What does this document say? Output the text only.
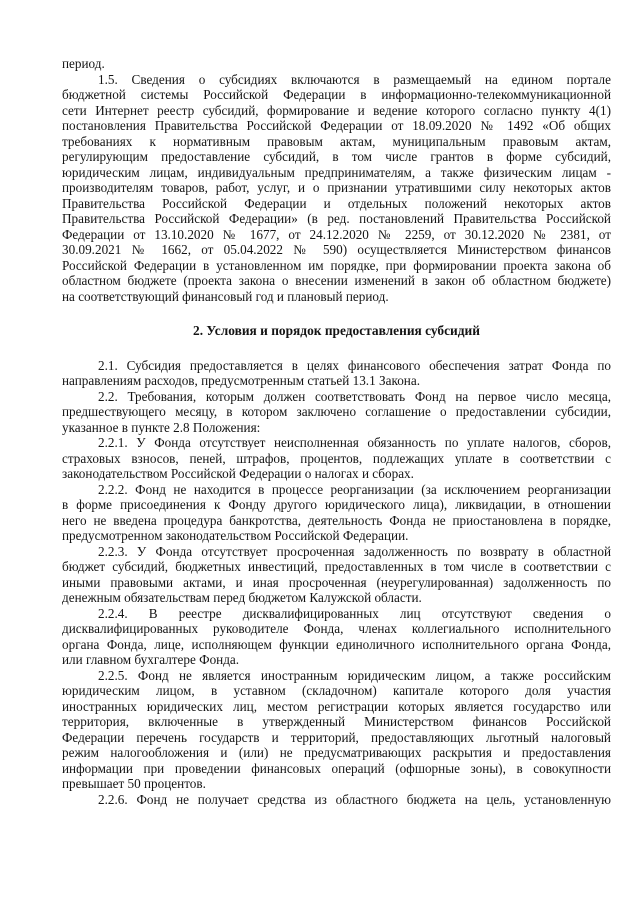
период.
1.5. Сведения о субсидиях включаются в размещаемый на едином портале
бюджетной системы Российской Федерации в информационно-телекоммуникационной
сети Интернет реестр субсидий, формирование и ведение которого согласно пункту 4(1)
постановления Правительства Российской Федерации от 18.09.2020 № 1492 «Об общих
требованиях к нормативным правовым актам, муниципальным правовым актам,
регулирующим предоставление субсидий, в том числе грантов в форме субсидий,
юридическим лицам, индивидуальным предпринимателям, а также физическим лицам -
производителям товаров, работ, услуг, и о признании утратившими силу некоторых актов
Правительства Российской Федерации и отдельных положений некоторых актов
Правительства Российской Федерации» (в ред. постановлений Правительства Российской
Федерации от 13.10.2020 № 1677, от 24.12.2020 № 2259, от 30.12.2020 № 2381, от
30.09.2021 № 1662, от 05.04.2022 № 590) осуществляется Министерством финансов
Российской Федерации в установленном им порядке, при формировании проекта закона об
областном бюджете (проекта закона о внесении изменений в закон об областном бюджете)
на соответствующий финансовый год и плановый период.
2. Условия и порядок предоставления субсидий
2.1. Субсидия предоставляется в целях финансового обеспечения затрат Фонда по
направлениям расходов, предусмотренным статьей 13.1 Закона.
2.2. Требования, которым должен соответствовать Фонд на первое число месяца,
предшествующего месяцу, в котором заключено соглашение о предоставлении субсидии,
указанное в пункте 2.8 Положения:
2.2.1. У Фонда отсутствует неисполненная обязанность по уплате налогов, сборов,
страховых взносов, пеней, штрафов, процентов, подлежащих уплате в соответствии с
законодательством Российской Федерации о налогах и сборах.
2.2.2. Фонд не находится в процессе реорганизации (за исключением реорганизации
в форме присоединения к Фонду другого юридического лица), ликвидации, в отношении
него не введена процедура банкротства, деятельность Фонда не приостановлена в порядке,
предусмотренном законодательством Российской Федерации.
2.2.3. У Фонда отсутствует просроченная задолженность по возврату в областной
бюджет субсидий, бюджетных инвестиций, предоставленных в том числе в соответствии с
иными правовыми актами, и иная просроченная (неурегулированная) задолженность по
денежным обязательствам перед бюджетом Калужской области.
2.2.4. В реестре дисквалифицированных лиц отсутствуют сведения о
дисквалифицированных руководителе Фонда, членах коллегиального исполнительного
органа Фонда, лице, исполняющем функции единоличного исполнительного органа Фонда,
или главном бухгалтере Фонда.
2.2.5. Фонд не является иностранным юридическим лицом, а также российским
юридическим лицом, в уставном (складочном) капитале которого доля участия
иностранных юридических лиц, местом регистрации которых является государство или
территория, включенные в утвержденный Министерством финансов Российской
Федерации перечень государств и территорий, предоставляющих льготный налоговый
режим налогообложения и (или) не предусматривающих раскрытия и предоставления
информации при проведении финансовых операций (офшорные зоны), в совокупности
превышает 50 процентов.
2.2.6. Фонд не получает средства из областного бюджета на цель, установленную
